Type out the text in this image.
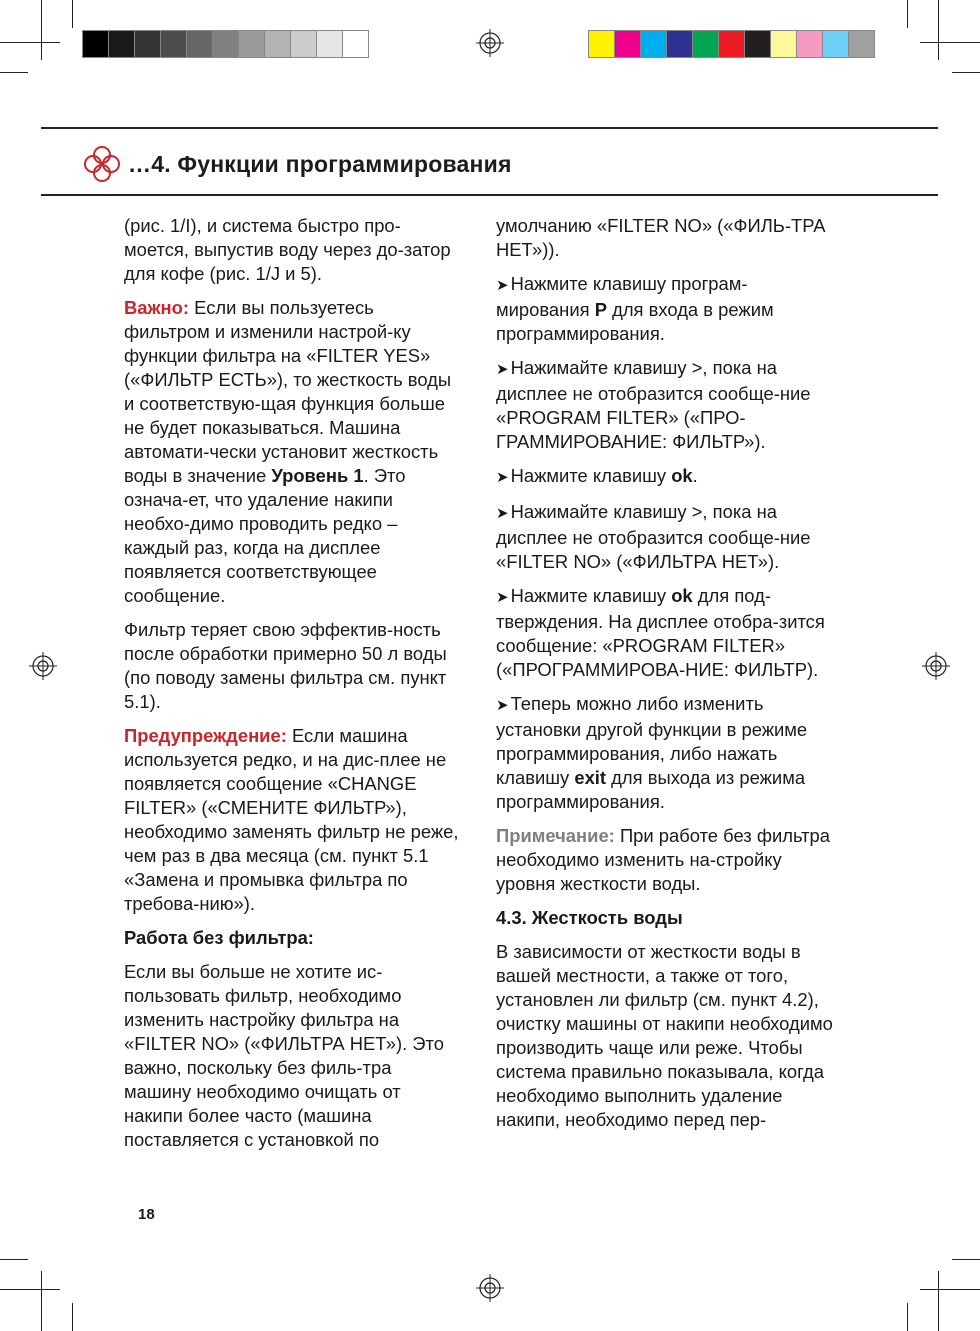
…4. Функции программирования

(рис. 1/I), и система быстро про-моется, выпустив воду через до-затор для кофе (рис. 1/J и 5).

Важно: Если вы пользуетесь фильтром и изменили настрой-ку функции фильтра на «FILTER YES» («ФИЛЬТР ЕСТЬ»), то жесткость воды и соответствую-щая функция больше не будет показываться. Машина автомати-чески установит жесткость воды в значение Уровень 1. Это означа-ет, что удаление накипи необхо-димо проводить редко – каждый раз, когда на дисплее появляется соответствующее сообщение.

Фильтр теряет свою эффектив-ность после обработки примерно 50 л воды (по поводу замены фильтра см. пункт 5.1).

Предупреждение: Если машина используется редко, и на дис-плее не появляется сообщение «CHANGE FILTER» («СМЕНИТЕ ФИЛЬТР»), необходимо заменять фильтр не реже, чем раз в два месяца (см. пункт 5.1 «Замена и промывка фильтра по требова-нию»).

Работа без фильтра:

Если вы больше не хотите ис-пользовать фильтр, необходимо изменить настройку фильтра на «FILTER NO» («ФИЛЬТРА НЕТ»). Это важно, поскольку без филь-тра машину необходимо очищать от накипи более часто (машина поставляется с установкой по

умолчанию «FILTER NO» («ФИЛЬ-ТРА НЕТ»)).

➤ Нажмите клавишу програм-мирования P для входа в режим программирования.

➤ Нажимайте клавишу >, пока на дисплее не отобразится сообще-ние «PROGRAM FILTER» («ПРО-ГРАММИРОВАНИЕ: ФИЛЬТР»).

➤ Нажмите клавишу ok.

➤ Нажимайте клавишу >, пока на дисплее не отобразится сообще-ние «FILTER NO» («ФИЛЬТРА НЕТ»).

➤ Нажмите клавишу ok для под-тверждения. На дисплее отобра-зится сообщение: «PROGRAM FILTER» («ПРОГРАММИРОВА-НИЕ: ФИЛЬТР).

➤ Теперь можно либо изменить установки другой функции в режиме программирования, либо нажать клавишу exit для выхода из режима программирования.

Примечание: При работе без фильтра необходимо изменить на-стройку уровня жесткости воды.

4.3. Жесткость воды

В зависимости от жесткости воды в вашей местности, а также от того, установлен ли фильтр (см. пункт 4.2), очистку машины от накипи необходимо производить чаще или реже. Чтобы система правильно показывала, когда необходимо выполнить удаление накипи, необходимо перед пер-

18
